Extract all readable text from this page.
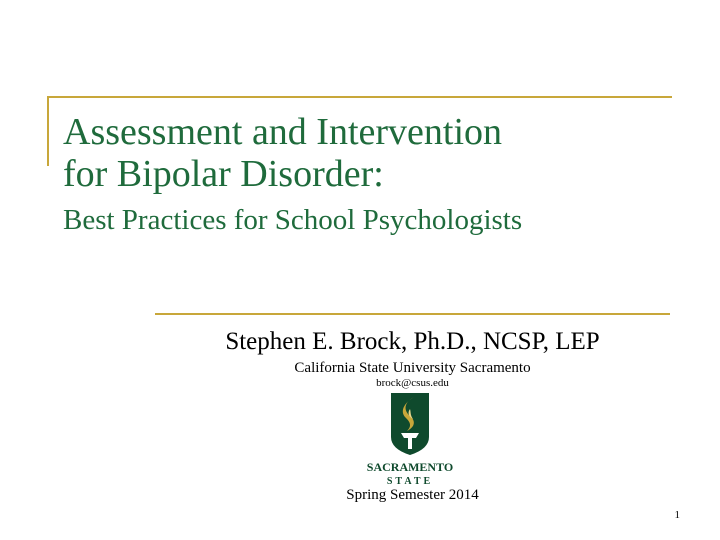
Assessment and Intervention
for Bipolar Disorder:
Best Practices for School Psychologists
Stephen E. Brock, Ph.D., NCSP, LEP
California State University Sacramento
brock@csus.edu
SACRAMENTO
STATE
Spring Semester 2014
1
